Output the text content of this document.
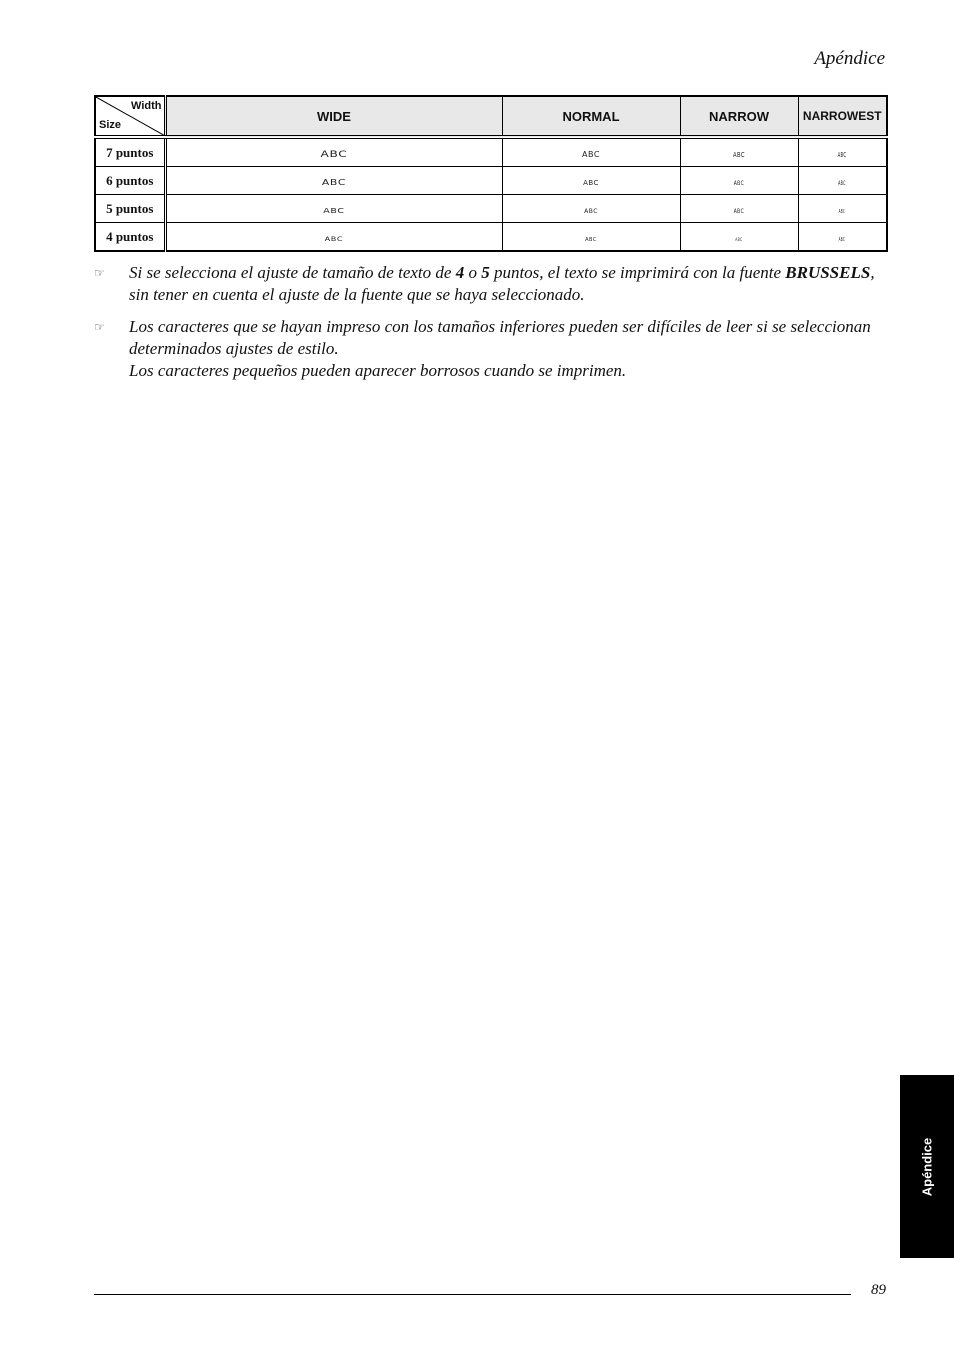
Apéndice
Width
Size	WIDE	NORMAL	NARROW	NARROWEST
7 puntos	ABC	ABC	ABC	ABC
6 puntos	ABC	ABC	ABC	ABC
5 puntos	ABC	ABC	ABC	ABC
4 puntos	ABC	ABC	ABC	ABC
☞ Si se selecciona el ajuste de tamaño de texto de 4 o 5 puntos, el texto se imprimirá con la fuente BRUSSELS, sin tener en cuenta el ajuste de la fuente que se haya seleccionado.
☞ Los caracteres que se hayan impreso con los tamaños inferiores pueden ser difíciles de leer si se seleccionan determinados ajustes de estilo.
Los caracteres pequeños pueden aparecer borrosos cuando se imprimen.
Apéndice
89
